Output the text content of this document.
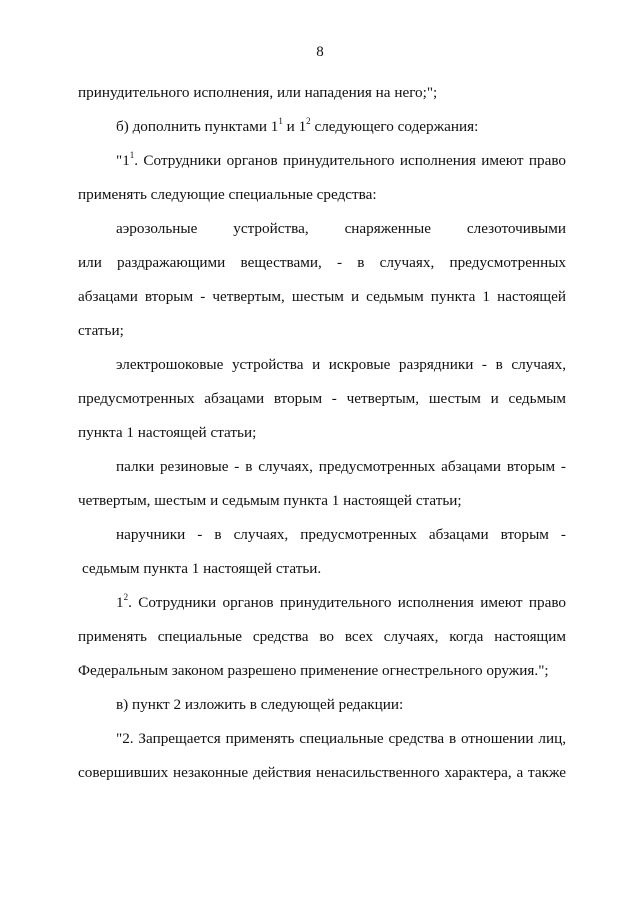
8
принудительного исполнения, или нападения на него;";
б) дополнить пунктами $1^1$ и $1^2$ следующего содержания:
"$1^1$. Сотрудники органов принудительного исполнения имеют право
применять следующие специальные средства:
аэрозольные устройства, снаряженные слезоточивыми
или раздражающими веществами, - в случаях, предусмотренных
абзацами вторым - четвертым, шестым и седьмым пункта 1 настоящей
статьи;
электрошоковые устройства и искровые разрядники - в случаях,
предусмотренных абзацами вторым - четвертым, шестым и седьмым
пункта 1 настоящей статьи;
палки резиновые - в случаях, предусмотренных абзацами вторым -
четвертым, шестым и седьмым пункта 1 настоящей статьи;
наручники - в случаях, предусмотренных абзацами вторым -
седьмым пункта 1 настоящей статьи.
$1^2$. Сотрудники органов принудительного исполнения имеют право
применять специальные средства во всех случаях, когда настоящим
Федеральным законом разрешено применение огнестрельного оружия.";
в) пункт 2 изложить в следующей редакции:
"2. Запрещается применять специальные средства в отношении лиц,
совершивших незаконные действия ненасильственного характера, а также
